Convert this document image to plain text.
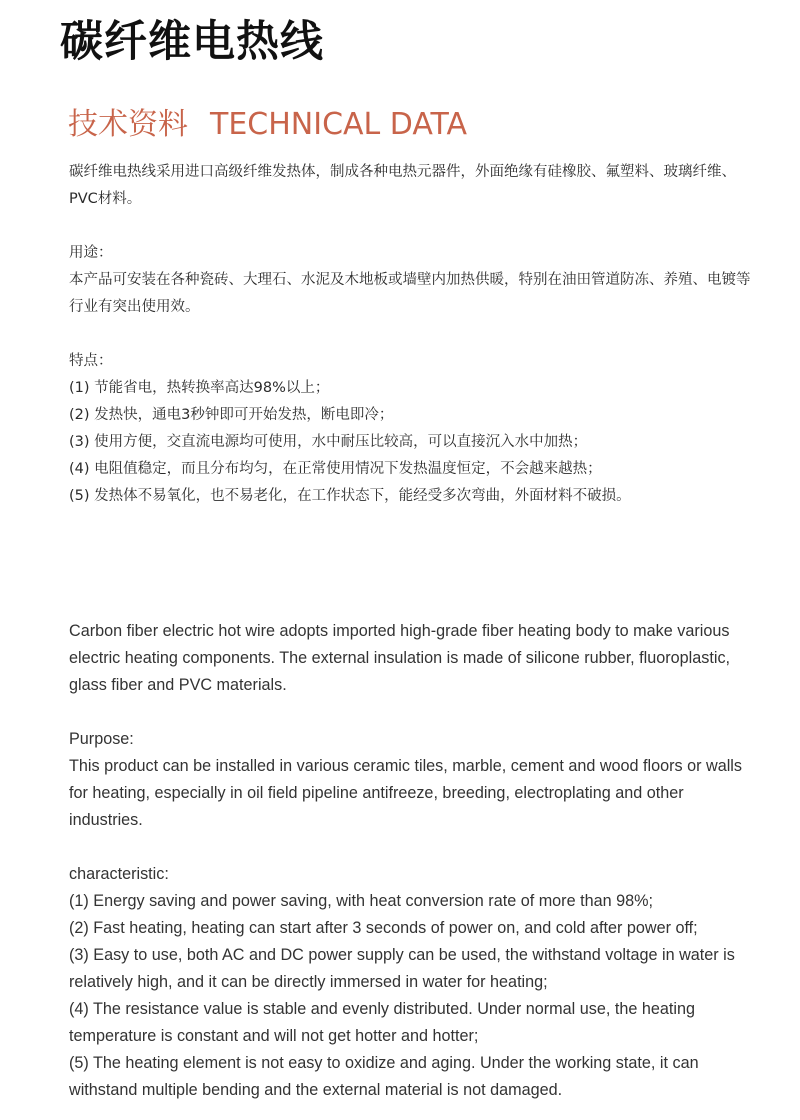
碳纤维电热线
技术资料 TECHNICAL DATA

碳纤维电热线采用进口高级纤维发热体，制成各种电热元器件，外面绝缘有硅橡胶、氟塑料、玻璃纤维、PVC材料。

用途：

本产品可安装在各种瓷砖、大理石、水泥及木地板或墙壁内加热供暖，特别在油田管道防冻、养殖、电镀等行业有突出使用效。

特点：

(1) 节能省电，热转换率高达98%以上；

(2) 发热快，通电3秒钟即可开始发热，断电即冷；

(3) 使用方便，交直流电源均可使用，水中耐压比较高，可以直接沉入水中加热；

(4) 电阻值稳定，而且分布均匀，在正常使用情况下发热温度恒定，不会越来越热；

(5) 发热体不易氧化，也不易老化，在工作状态下，能经受多次弯曲，外面材料不破损。

Carbon fiber electric hot wire adopts imported high-grade fiber heating body to make various electric heating components. The external insulation is made of silicone rubber, fluoroplastic, glass fiber and PVC materials.

Purpose:

This product can be installed in various ceramic tiles, marble, cement and wood floors or walls for heating, especially in oil field pipeline antifreeze, breeding, electroplating and other industries.

characteristic:

(1) Energy saving and power saving, with heat conversion rate of more than 98%;

(2) Fast heating, heating can start after 3 seconds of power on, and cold after power off;

(3) Easy to use, both AC and DC power supply can be used, the withstand voltage in water is relatively high, and it can be directly immersed in water for heating;

(4) The resistance value is stable and evenly distributed. Under normal use, the heating temperature is constant and will not get hotter and hotter;

(5) The heating element is not easy to oxidize and aging. Under the working state, it can withstand multiple bending and the external material is not damaged.
